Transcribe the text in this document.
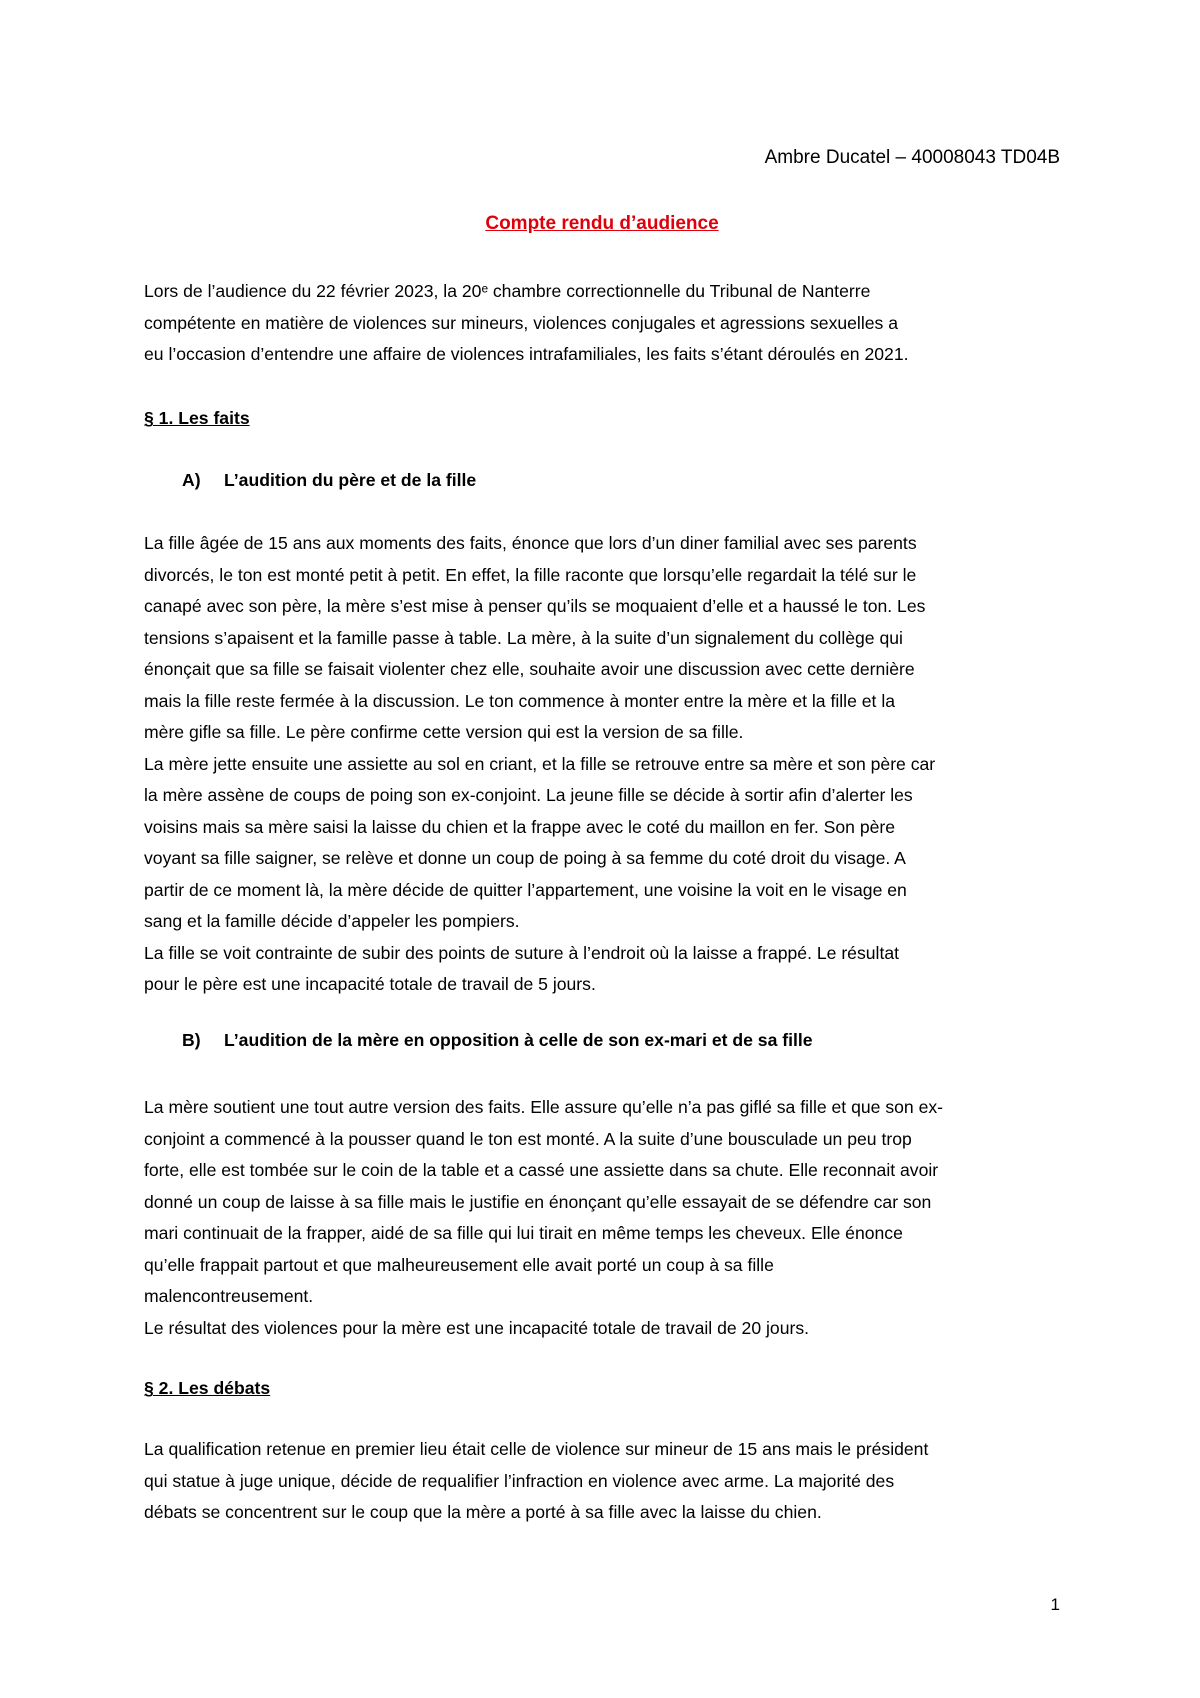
Ambre Ducatel – 40008043 TD04B
Compte rendu d’audience
Lors de l’audience du 22 février 2023, la 20ᵉ chambre correctionnelle du Tribunal de Nanterre
compétente en matière de violences sur mineurs, violences conjugales et agressions sexuelles a
eu l’occasion d’entendre une affaire de violences intrafamiliales, les faits s’étant déroulés en 2021.
§ 1. Les faits
A) L’audition du père et de la fille
La fille âgée de 15 ans aux moments des faits, énonce que lors d’un diner familial avec ses parents
divorcés, le ton est monté petit à petit. En effet, la fille raconte que lorsqu’elle regardait la télé sur le
canapé avec son père, la mère s’est mise à penser qu’ils se moquaient d’elle et a haussé le ton. Les
tensions s’apaisent et la famille passe à table. La mère, à la suite d’un signalement du collège qui
énonçait que sa fille se faisait violenter chez elle, souhaite avoir une discussion avec cette dernière
mais la fille reste fermée à la discussion. Le ton commence à monter entre la mère et la fille et la
mère gifle sa fille. Le père confirme cette version qui est la version de sa fille.
La mère jette ensuite une assiette au sol en criant, et la fille se retrouve entre sa mère et son père car
la mère assène de coups de poing son ex-conjoint. La jeune fille se décide à sortir afin d’alerter les
voisins mais sa mère saisi la laisse du chien et la frappe avec le coté du maillon en fer. Son père
voyant sa fille saigner, se relève et donne un coup de poing à sa femme du coté droit du visage. A
partir de ce moment là, la mère décide de quitter l’appartement, une voisine la voit en le visage en
sang et la famille décide d’appeler les pompiers.
La fille se voit contrainte de subir des points de suture à l’endroit où la laisse a frappé. Le résultat
pour le père est une incapacité totale de travail de 5 jours.
B) L’audition de la mère en opposition à celle de son ex-mari et de sa fille
La mère soutient une tout autre version des faits. Elle assure qu’elle n’a pas giflé sa fille et que son ex-
conjoint a commencé à la pousser quand le ton est monté. A la suite d’une bousculade un peu trop
forte, elle est tombée sur le coin de la table et a cassé une assiette dans sa chute. Elle reconnait avoir
donné un coup de laisse à sa fille mais le justifie en énonçant qu’elle essayait de se défendre car son
mari continuait de la frapper, aidé de sa fille qui lui tirait en même temps les cheveux. Elle énonce
qu’elle frappait partout et que malheureusement elle avait porté un coup à sa fille
malencontreusement.
Le résultat des violences pour la mère est une incapacité totale de travail de 20 jours.
§ 2. Les débats
La qualification retenue en premier lieu était celle de violence sur mineur de 15 ans mais le président
qui statue à juge unique, décide de requalifier l’infraction en violence avec arme. La majorité des
débats se concentrent sur le coup que la mère a porté à sa fille avec la laisse du chien.
1
